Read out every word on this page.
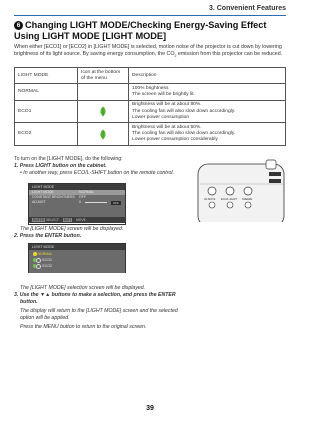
3. Convenient Features
6 Changing LIGHT MODE/Checking Energy-Saving Effect
Using LIGHT MODE [LIGHT MODE]
When either [ECO1] or [ECO2] in [LIGHT MODE] is selected, motion noise of the projector is cut down by lowering
brightness of its light source. By saving energy consumption, the $CO_2$ emission from this projector can be reduced.
LIGHT MODE	Icon at the bottom of the menu	Description
NORMAL		100% brightness
The screen will be brightly lit.
ECO1		Brightness will be at about 80%.
The cooling fan will also slow down accordingly.
Lower power consumption
ECO2		Brightness will be at about 50%.
The cooling fan will also slow down accordingly.
Lower power consumption considerably

To turn on the [LIGHT MODE], do the following:

1. Press LIGHT button on the cabinet.

• In another way, press ECO/L-SHIFT button on the remote control.

LIGHT MODE
LIGHT MODE	NORMAL
CONSTANT BRIGHTNESS OFF
ADJUST	0	OFF
ENTER SELECT EXIT MOVE
AV-MUTE ECO/L-SHIFT FREEZE

The [LIGHT MODE] screen will be displayed.

2. Press the ENTER button.

LIGHT MODE
NORMAL
ECO1
ECO2

The [LIGHT MODE] selection screen will be displayed.

3. Use the ▼▲ buttons to make a selection, and press the ENTER

button.

The display will return to the [LIGHT MODE] screen and the selected

option will be applied.

Press the MENU button to return to the original screen.

39
